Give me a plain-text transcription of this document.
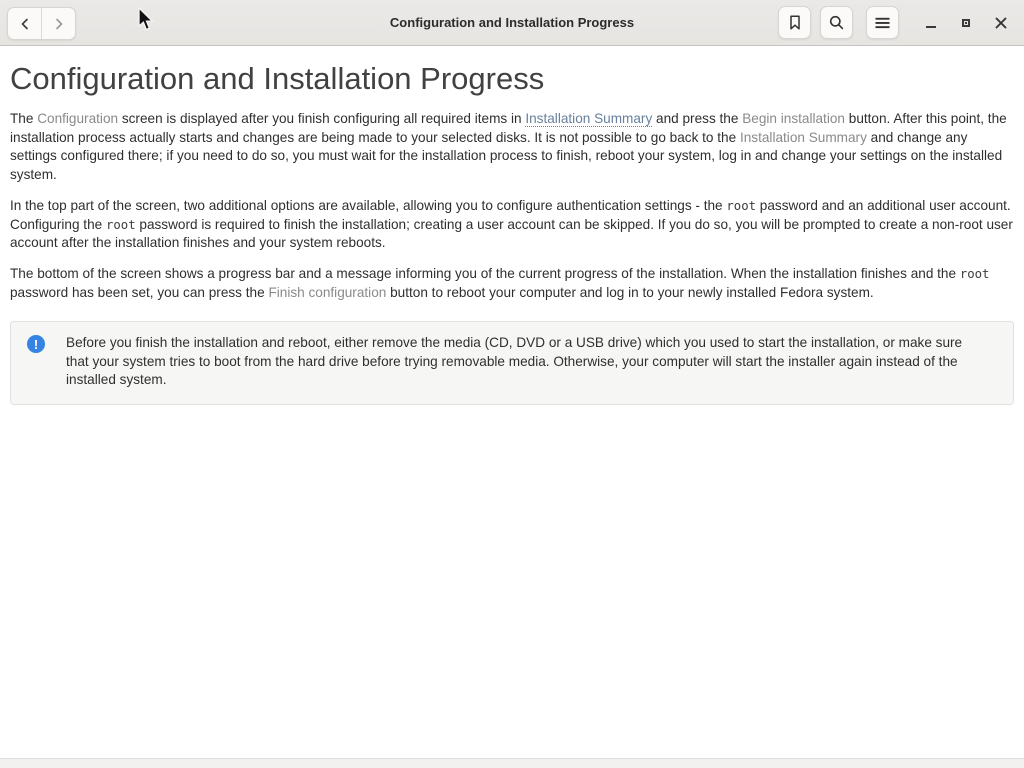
Configuration and Installation Progress
Configuration and Installation Progress

The Configuration screen is displayed after you finish configuring all required items in Installation Summary and press the Begin installation button. After this point, the installation process actually starts and changes are being made to your selected disks. It is not possible to go back to the Installation Summary and change any settings configured there; if you need to do so, you must wait for the installation process to finish, reboot your system, log in and change your settings on the installed system.

In the top part of the screen, two additional options are available, allowing you to configure authentication settings - the root password and an additional user account. Configuring the root password is required to finish the installation; creating a user account can be skipped. If you do so, you will be prompted to create a non-root user account after the installation finishes and your system reboots.

The bottom of the screen shows a progress bar and a message informing you of the current progress of the installation. When the installation finishes and the root password has been set, you can press the Finish configuration button to reboot your computer and log in to your newly installed Fedora system.

!	Before you finish the installation and reboot, either remove the media (CD, DVD or a USB drive) which you used to start the installation, or make sure that your system tries to boot from the hard drive before trying removable media. Otherwise, your computer will start the installer again instead of the installed system.
